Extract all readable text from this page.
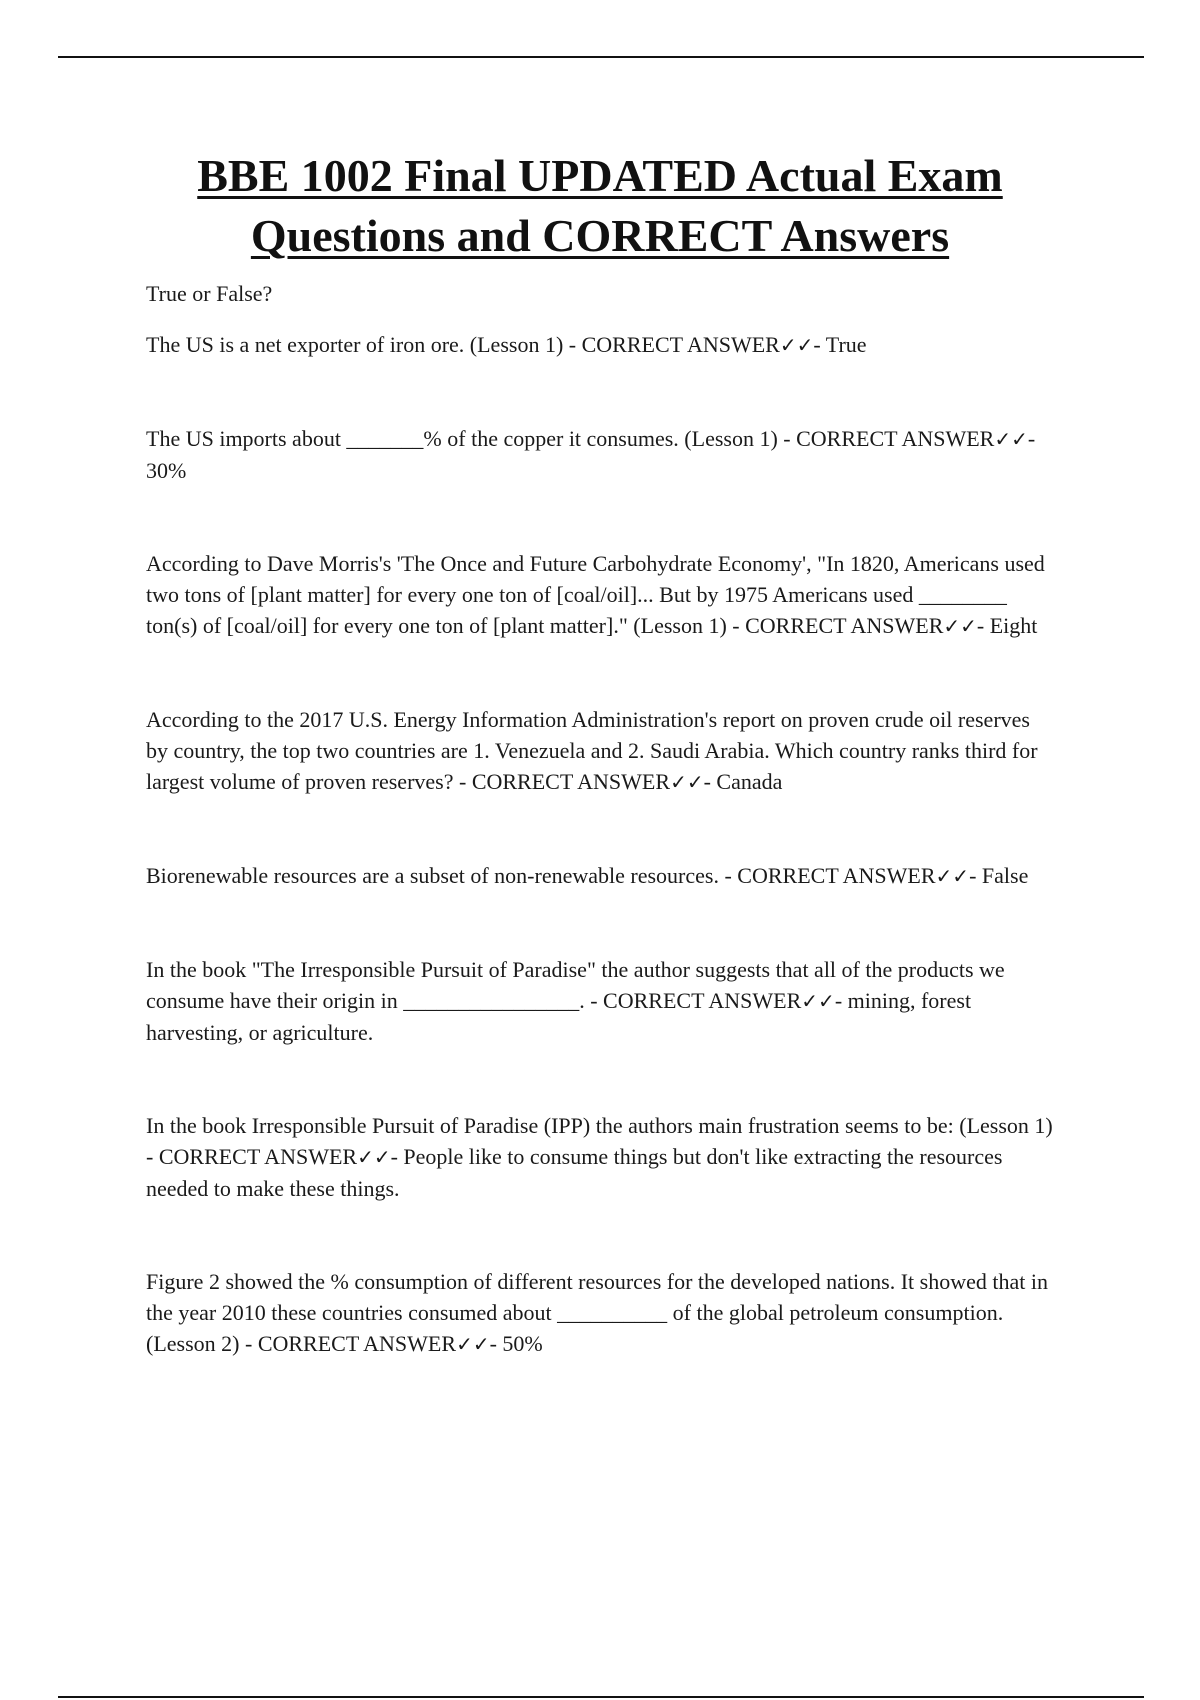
BBE 1002 Final UPDATED Actual Exam
Questions and CORRECT Answers

True or False?

The US is a net exporter of iron ore. (Lesson 1) - CORRECT ANSWER✓✓- True

The US imports about _______% of the copper it consumes. (Lesson 1) - CORRECT ANSWER✓✓- 30%

According to Dave Morris's 'The Once and Future Carbohydrate Economy', "In 1820, Americans used two tons of [plant matter] for every one ton of [coal/oil]... But by 1975 Americans used ________ ton(s) of [coal/oil] for every one ton of [plant matter]." (Lesson 1) - CORRECT ANSWER✓✓- Eight

According to the 2017 U.S. Energy Information Administration's report on proven crude oil reserves by country, the top two countries are 1. Venezuela and 2. Saudi Arabia. Which country ranks third for largest volume of proven reserves? - CORRECT ANSWER✓✓- Canada

Biorenewable resources are a subset of non-renewable resources. - CORRECT ANSWER✓✓- False

In the book "The Irresponsible Pursuit of Paradise" the author suggests that all of the products we consume have their origin in ________________. - CORRECT ANSWER✓✓- mining, forest harvesting, or agriculture.

In the book Irresponsible Pursuit of Paradise (IPP) the authors main frustration seems to be: (Lesson 1) - CORRECT ANSWER✓✓- People like to consume things but don't like extracting the resources needed to make these things.

Figure 2 showed the % consumption of different resources for the developed nations. It showed that in the year 2010 these countries consumed about __________ of the global petroleum consumption. (Lesson 2) - CORRECT ANSWER✓✓- 50%
